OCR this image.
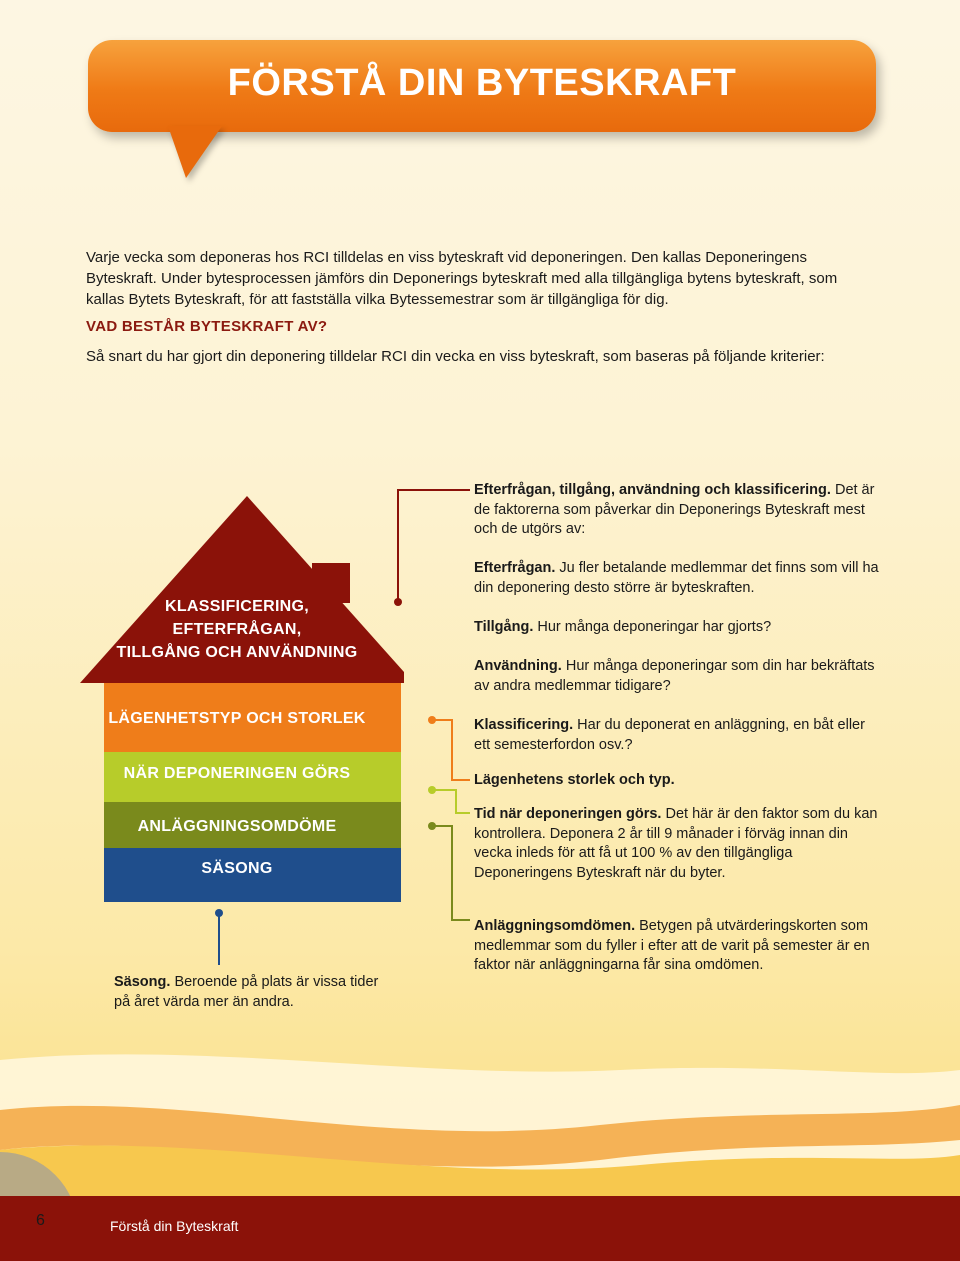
FÖRSTÅ DIN BYTESKRAFT
Varje vecka som deponeras hos RCI tilldelas en viss byteskraft vid deponeringen. Den kallas Deponeringens Byteskraft. Under bytesprocessen jämförs din Deponerings byteskraft med alla tillgängliga bytens byteskraft, som kallas Bytets Byteskraft, för att fastställa vilka Bytessemestrar som är tillgängliga för dig.
VAD BESTÅR BYTESKRAFT AV?
Så snart du har gjort din deponering tilldelar RCI din vecka en viss byteskraft, som baseras på följande kriterier:
KLASSIFICERING,
EFTERFRÅGAN,
TILLGÅNG OCH ANVÄNDNING
LÄGENHETSTYP OCH STORLEK
NÄR DEPONERINGEN GÖRS
ANLÄGGNINGSOMDÖME
SÄSONG
Efterfrågan, tillgång, användning och klassificering. Det är de faktorerna som påverkar din Deponerings Byteskraft mest och de utgörs av:
Efterfrågan. Ju fler betalande medlemmar det finns som vill ha din deponering desto större är byteskraften.
Tillgång. Hur många deponeringar har gjorts?
Användning. Hur många deponeringar som din har bekräftats av andra medlemmar tidigare?
Klassificering. Har du deponerat en anläggning, en båt eller ett semesterfordon osv.?
Lägenhetens storlek och typ.
Tid när deponeringen görs. Det här är den faktor som du kan kontrollera. Deponera 2 år till 9 månader i förväg innan din vecka inleds för att få ut 100 % av den tillgängliga Deponeringens Byteskraft när du byter.
Anläggningsomdömen. Betygen på utvärderingskorten som medlemmar som du fyller i efter att de varit på semester är en faktor när anläggningarna får sina omdömen.
Säsong. Beroende på plats är vissa tider på året värda mer än andra.
6	Förstå din Byteskraft
